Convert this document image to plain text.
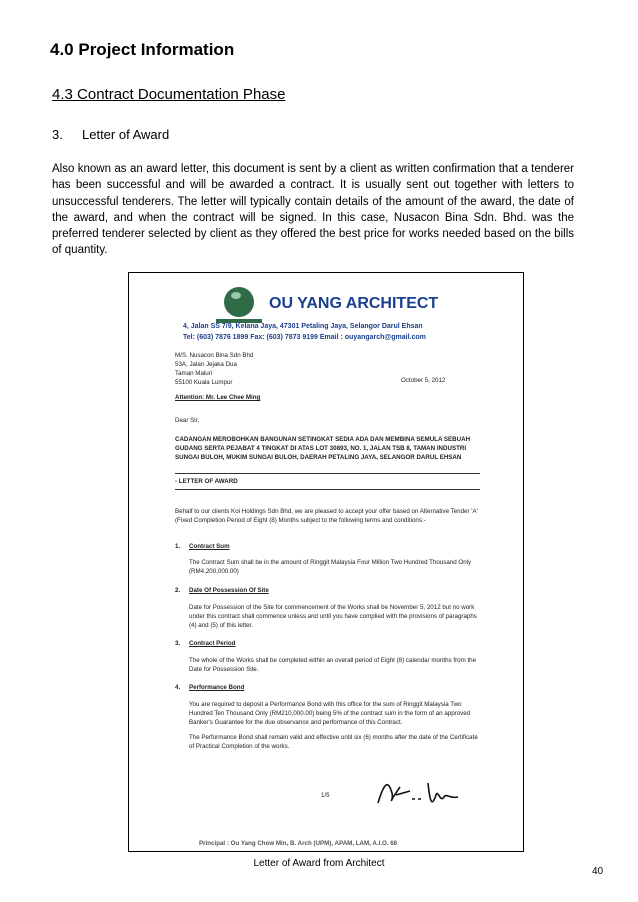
4.0 Project Information
4.3 Contract Documentation Phase
3. Letter of Award
Also known as an award letter, this document is sent by a client as written confirmation that a tenderer has been successful and will be awarded a contract. It is usually sent out together with letters to unsuccessful tenderers. The letter will typically contain details of the amount of the award, the date of the award, and when the contract will be signed. In this case, Nusacon Bina Sdn. Bhd. was the preferred tenderer selected by client as they offered the best price for works needed based on the bills of quantity.
OU YANG ARCHITECT
4, Jalan SS 7/9, Kelana Jaya, 47301 Petaling Jaya, Selangor Darul Ehsan
Tel: (603) 7876 1899 Fax: (603) 7873 9199 Email : ouyangarch@gmail.com
M/S. Nusacon Bina Sdn Bhd
53A, Jalan Jejaka Dua
Taman Maluri
55100 Kuala Lumpur	October 5, 2012
Attention: Mr. Lee Chee Ming
Dear Sir,
CADANGAN MEROBOHKAN BANGUNAN SETINGKAT SEDIA ADA DAN MEMBINA SEMULA SEBUAH GUDANG SERTA PEJABAT 4 TINGKAT DI ATAS LOT 30893, NO. 1, JALAN TSB 8, TAMAN INDUSTRI SUNGAI BULOH, MUKIM SUNGAI BULOH, DAERAH PETALING JAYA, SELANGOR DARUL EHSAN
- LETTER OF AWARD
Behalf to our clients Koi Holdings Sdn Bhd, we are pleased to accept your offer based on Alternative Tender 'A' (Fixed Completion Period of Eight (8) Months subject to the following terms and conditions:-
1. Contract Sum
The Contract Sum shall be in the amount of Ringgit Malaysia Four Million Two Hundred Thousand Only (RM4,200,000.00)
2. Date Of Possession Of Site
Date for Possession of the Site for commencement of the Works shall be November 5, 2012 but no work under this contract shall commence unless and until you have complied with the provisions of paragraphs (4) and (5) of this letter.
3. Contract Period
The whole of the Works shall be completed within an overall period of Eight (8) calendar months from the Date for Possession Site.
4. Performance Bond
You are required to deposit a Performance Bond with this office for the sum of Ringgit Malaysia Two Hundred Ten Thousand Only (RM210,000.00) being 5% of the contract sum in the form of an approved Banker's Guarantee for the due observance and performance of this Contract.
The Performance Bond shall remain valid and effective until six (6) months after the date of the Certificate of Practical Completion of the works.
1/5
Principal : Ou Yang Chow Min, B. Arch (UPM), APAM, LAM, A.I.O. 68
Letter of Award from Architect
40
